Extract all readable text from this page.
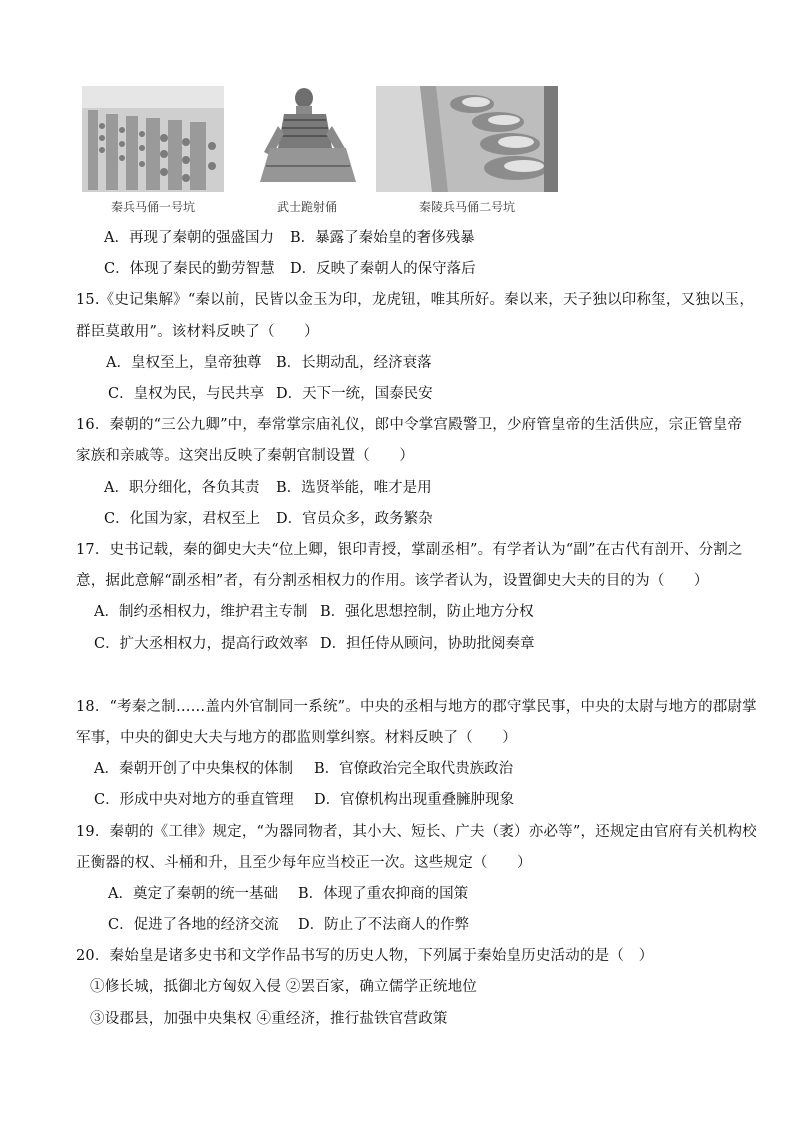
秦兵马俑一号坑	武士跪射俑	秦陵兵马俑二号坑
A．再现了秦朝的强盛国力 B．暴露了秦始皇的奢侈残暴
C．体现了秦民的勤劳智慧 D．反映了秦朝人的保守落后
15.《史记集解》“秦以前，民皆以金玉为印，龙虎钮，唯其所好。秦以来，天子独以印称玺，又独以玉，
群臣莫敢用”。该材料反映了（　　）
A．皇权至上，皇帝独尊 B．长期动乱，经济衰落
C．皇权为民，与民共享 D．天下一统，国泰民安
16．秦朝的“三公九卿”中，奉常掌宗庙礼仪，郎中令掌宫殿警卫，少府管皇帝的生活供应，宗正管皇帝
家族和亲戚等。这突出反映了秦朝官制设置（　　）
A．职分细化，各负其责 B．选贤举能，唯才是用
C．化国为家，君权至上 D．官员众多，政务繁杂
17．史书记载，秦的御史大夫“位上卿，银印青授，掌副丞相”。有学者认为“副”在古代有剖开、分割之
意，据此意解“副丞相”者，有分割丞相权力的作用。该学者认为，设置御史大夫的目的为（　　）
A．制约丞相权力，维护君主专制 B．强化思想控制，防止地方分权
C．扩大丞相权力，提高行政效率 D．担任侍从顾问，协助批阅奏章
18．“考秦之制……盖内外官制同一系统”。中央的丞相与地方的郡守掌民事，中央的太尉与地方的郡尉掌
军事，中央的御史大夫与地方的郡监则掌纠察。材料反映了（　　）
A．秦朝开创了中央集权的体制 B．官僚政治完全取代贵族政治
C．形成中央对地方的垂直管理 D．官僚机构出现重叠臃肿现象
19．秦朝的《工律》规定，“为器同物者，其小大、短长、广夫（袤）亦必等”，还规定由官府有关机构校
正衡器的权、斗桶和升，且至少每年应当校正一次。这些规定（　　）
A．奠定了秦朝的统一基础 B．体现了重农抑商的国策
C．促进了各地的经济交流 D．防止了不法商人的作弊
20．秦始皇是诸多史书和文学作品书写的历史人物，下列属于秦始皇历史活动的是（　）
①修长城，抵御北方匈奴入侵 ②罢百家，确立儒学正统地位
③设郡县，加强中央集权 ④重经济，推行盐铁官营政策
